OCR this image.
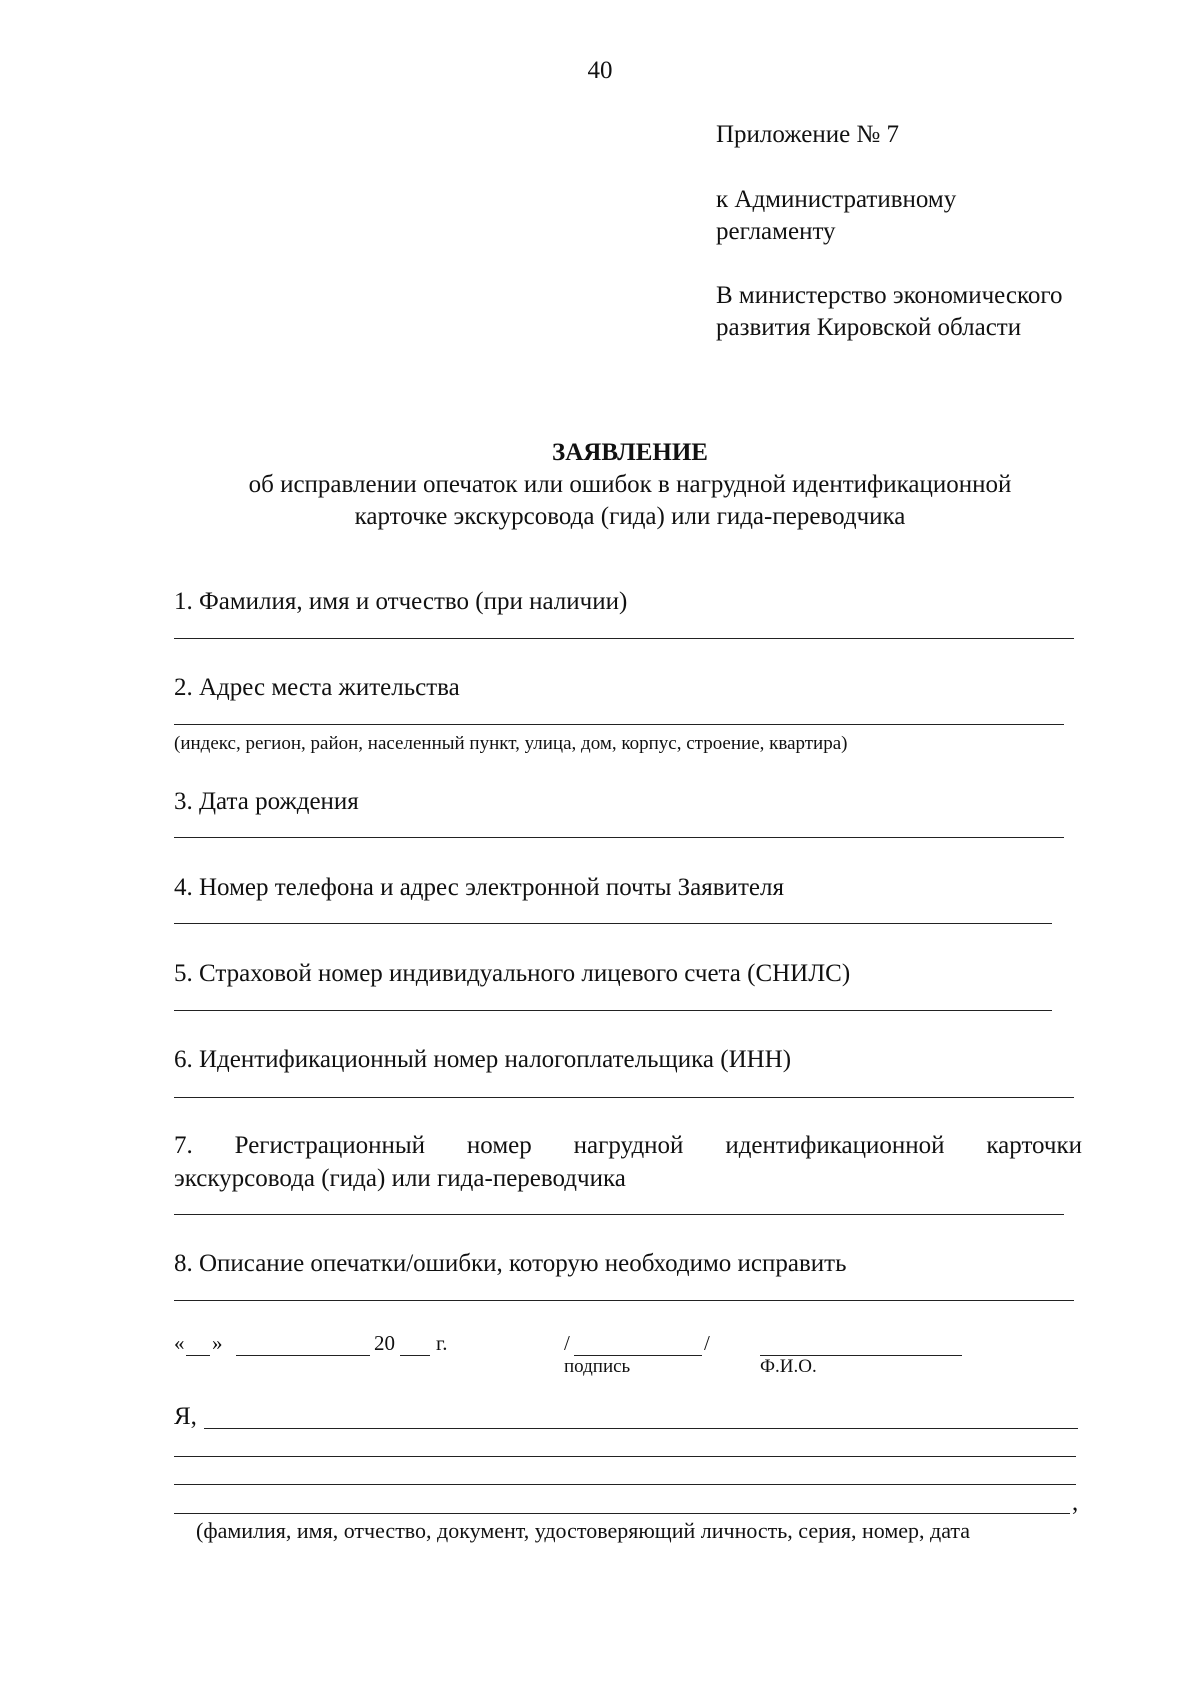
40
Приложение № 7
к Административному
регламенту
В министерство экономического
развития Кировской области
ЗАЯВЛЕНИЕ
об исправлении опечаток или ошибок в нагрудной идентификационной
карточке экскурсовода (гида) или гида-переводчика
1. Фамилия, имя и отчество (при наличии)
2. Адрес места жительства
(индекс, регион, район, населенный пункт, улица, дом, корпус, строение, квартира)
3. Дата рождения
4. Номер телефона и адрес электронной почты Заявителя
5. Страховой номер индивидуального лицевого счета (СНИЛС)
6. Идентификационный номер налогоплательщика (ИНН)
7. Регистрационный номер нагрудной идентификационной карточки
экскурсовода (гида) или гида-переводчика
8. Описание опечатки/ошибки, которую необходимо исправить
« »	20 г.	/	/
подпись	Ф.И.О.
Я,
,
(фамилия, имя, отчество, документ, удостоверяющий личность, серия, номер, дата
